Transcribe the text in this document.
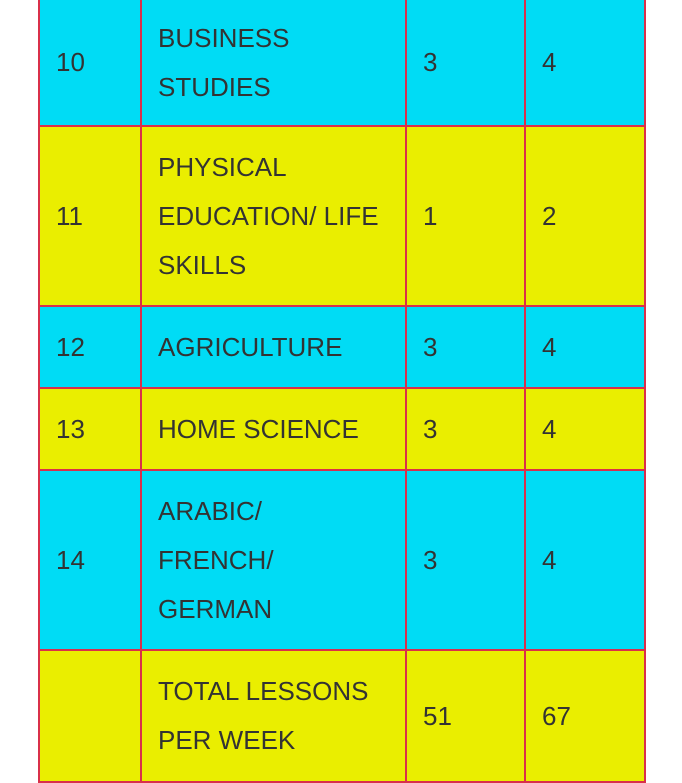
10	BUSINESS STUDIES	3	4
11	PHYSICAL EDUCATION/ LIFE SKILLS	1	2
12	AGRICULTURE	3	4
13	HOME SCIENCE	3	4
14	ARABIC/ FRENCH/ GERMAN	3	4
	TOTAL LESSONS PER WEEK	51	67
